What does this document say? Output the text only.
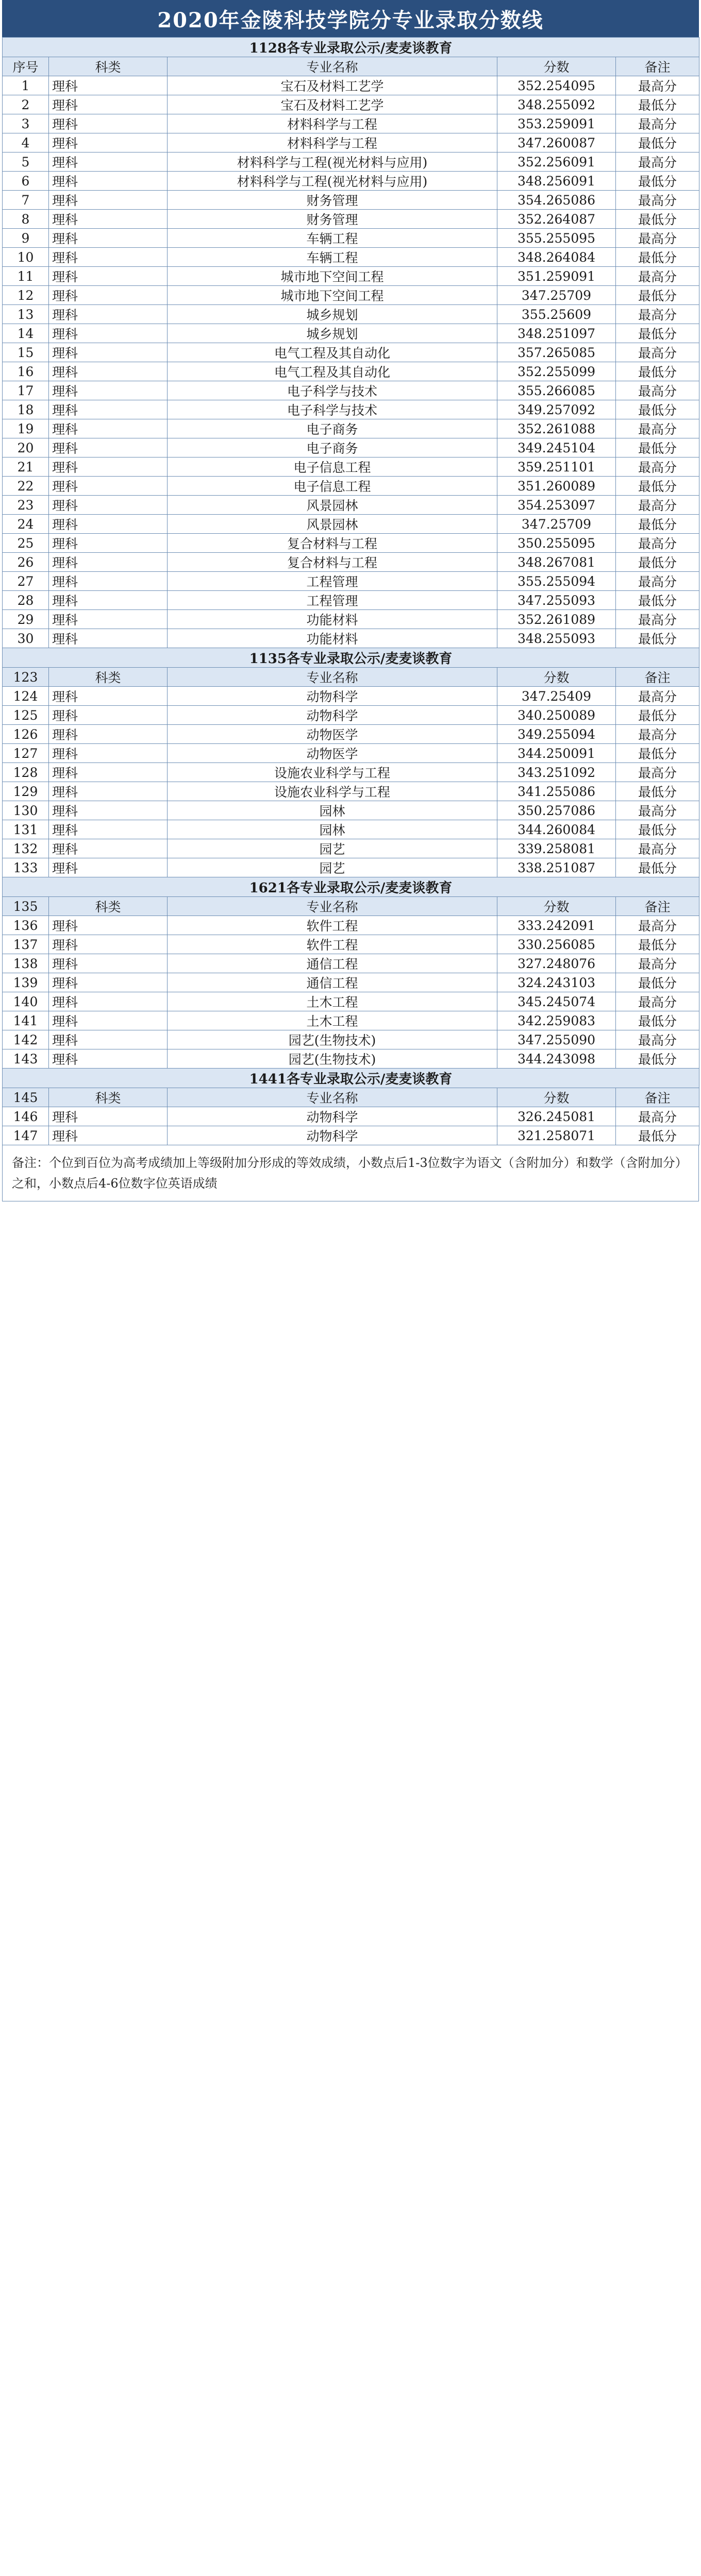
2020年金陵科技学院分专业录取分数线
1128各专业录取公示/麦麦谈教育				
序号	科类	专业名称	分数	备注
1	理科	宝石及材料工艺学	352.254095	最高分
2	理科	宝石及材料工艺学	348.255092	最低分
3	理科	材料科学与工程	353.259091	最高分
4	理科	材料科学与工程	347.260087	最低分
5	理科	材料科学与工程(视光材料与应用)	352.256091	最高分
6	理科	材料科学与工程(视光材料与应用)	348.256091	最低分
7	理科	财务管理	354.265086	最高分
8	理科	财务管理	352.264087	最低分
9	理科	车辆工程	355.255095	最高分
10	理科	车辆工程	348.264084	最低分
11	理科	城市地下空间工程	351.259091	最高分
12	理科	城市地下空间工程	347.25709	最低分
13	理科	城乡规划	355.25609	最高分
14	理科	城乡规划	348.251097	最低分
15	理科	电气工程及其自动化	357.265085	最高分
16	理科	电气工程及其自动化	352.255099	最低分
17	理科	电子科学与技术	355.266085	最高分
18	理科	电子科学与技术	349.257092	最低分
19	理科	电子商务	352.261088	最高分
20	理科	电子商务	349.245104	最低分
21	理科	电子信息工程	359.251101	最高分
22	理科	电子信息工程	351.260089	最低分
23	理科	风景园林	354.253097	最高分
24	理科	风景园林	347.25709	最低分
25	理科	复合材料与工程	350.255095	最高分
26	理科	复合材料与工程	348.267081	最低分
27	理科	工程管理	355.255094	最高分
28	理科	工程管理	347.255093	最低分
29	理科	功能材料	352.261089	最高分
30	理科	功能材料	348.255093	最低分
1135各专业录取公示/麦麦谈教育				
123	科类	专业名称	分数	备注
124	理科	动物科学	347.25409	最高分
125	理科	动物科学	340.250089	最低分
126	理科	动物医学	349.255094	最高分
127	理科	动物医学	344.250091	最低分
128	理科	设施农业科学与工程	343.251092	最高分
129	理科	设施农业科学与工程	341.255086	最低分
130	理科	园林	350.257086	最高分
131	理科	园林	344.260084	最低分
132	理科	园艺	339.258081	最高分
133	理科	园艺	338.251087	最低分
1621各专业录取公示/麦麦谈教育				
135	科类	专业名称	分数	备注
136	理科	软件工程	333.242091	最高分
137	理科	软件工程	330.256085	最低分
138	理科	通信工程	327.248076	最高分
139	理科	通信工程	324.243103	最低分
140	理科	土木工程	345.245074	最高分
141	理科	土木工程	342.259083	最低分
142	理科	园艺(生物技术)	347.255090	最高分
143	理科	园艺(生物技术)	344.243098	最低分
1441各专业录取公示/麦麦谈教育				
145	科类	专业名称	分数	备注
146	理科	动物科学	326.245081	最高分
147	理科	动物科学	321.258071	最低分
备注：个位到百位为高考成绩加上等级附加分形成的等效成绩，小数点后1-3位数字为语文（含附加分）和数学（含附加分）之和，小数点后4-6位数字位英语成绩
